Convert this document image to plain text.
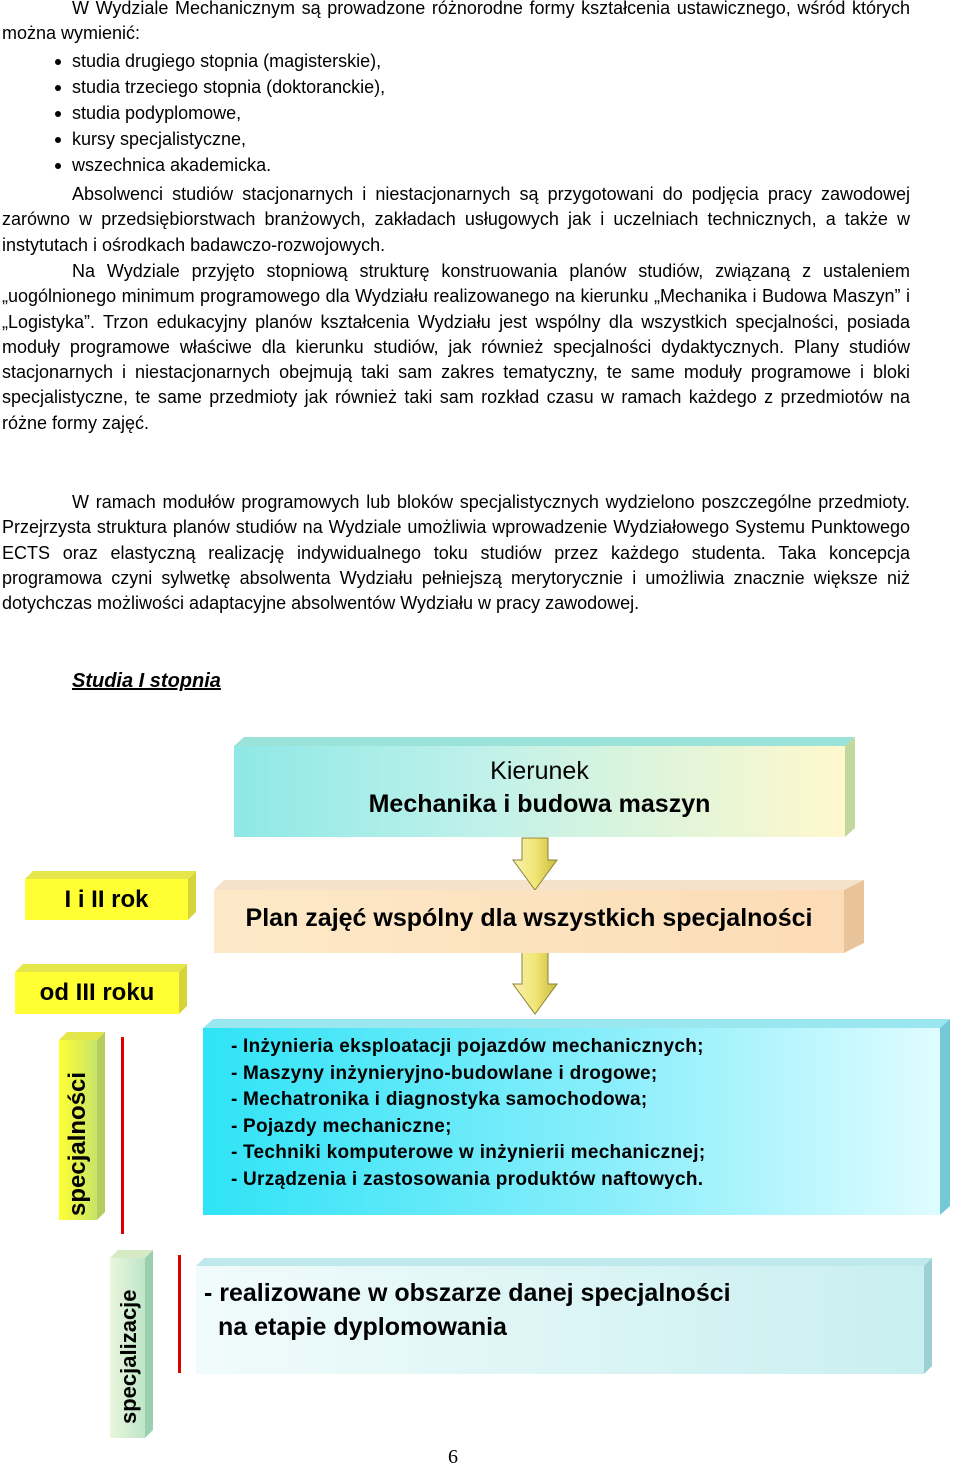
W Wydziale Mechanicznym są prowadzone różnorodne formy kształcenia ustawicznego, wśród których można wymienić:
studia drugiego stopnia (magisterskie),
studia trzeciego stopnia (doktoranckie),
studia podyplomowe,
kursy specjalistyczne,
wszechnica akademicka.
Absolwenci studiów stacjonarnych i niestacjonarnych są przygotowani do podjęcia pracy zawodowej zarówno w przedsiębiorstwach branżowych, zakładach usługowych jak i uczelniach technicznych, a także w instytutach i ośrodkach badawczo-rozwojowych.
Na Wydziale przyjęto stopniową strukturę konstruowania planów studiów, związaną z ustaleniem „uogólnionego minimum programowego dla Wydziału realizowanego na kierunku „Mechanika i Budowa Maszyn” i „Logistyka”. Trzon edukacyjny planów kształcenia Wydziału jest wspólny dla wszystkich specjalności, posiada moduły programowe właściwe dla kierunku studiów, jak również specjalności dydaktycznych. Plany studiów stacjonarnych i niestacjonarnych obejmują taki sam zakres tematyczny, te same moduły programowe i bloki specjalistyczne, te same przedmioty jak również taki sam rozkład czasu w ramach każdego z przedmiotów na różne formy zajęć.
W ramach modułów programowych lub bloków specjalistycznych wydzielono poszczególne przedmioty. Przejrzysta struktura planów studiów na Wydziale umożliwia wprowadzenie Wydziałowego Systemu Punktowego ECTS oraz elastyczną realizację indywidualnego toku studiów przez każdego studenta. Taka koncepcja programowa czyni sylwetkę absolwenta Wydziału pełniejszą merytorycznie i umożliwia znacznie większe niż dotychczas możliwości adaptacyjne absolwentów Wydziału w pracy zawodowej.
Studia I stopnia
Kierunek
Mechanika i budowa maszyn
I i II rok
Plan zajęć wspólny dla wszystkich specjalności
od III roku
specjalności
- Inżynieria eksploatacji pojazdów mechanicznych;
- Maszyny inżynieryjno-budowlane i drogowe;
- Mechatronika i diagnostyka samochodowa;
- Pojazdy mechaniczne;
- Techniki komputerowe w inżynierii mechanicznej;
- Urządzenia i zastosowania produktów naftowych.
specjalizacje	- realizowane w obszarze danej specjalności
na etapie dyplomowania
6
